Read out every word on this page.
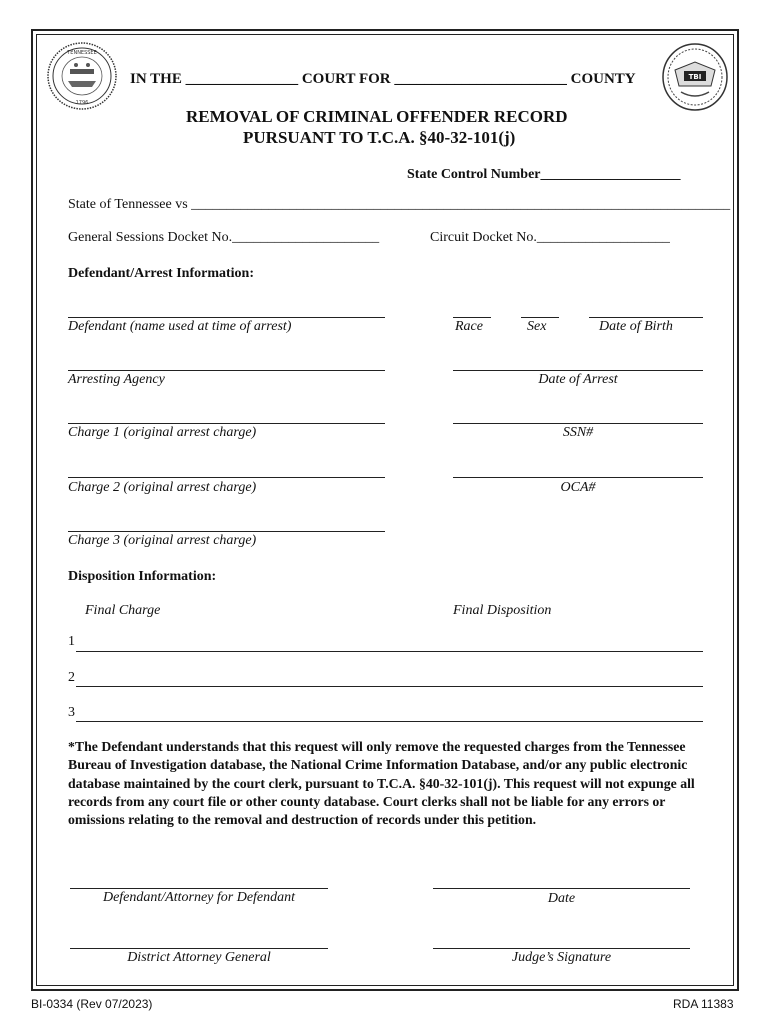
TENNESSEE
1796
TBI
IN THE _______________ COURT FOR _______________________ COUNTY
REMOVAL OF CRIMINAL OFFENDER RECORD
PURSUANT TO T.C.A. §40-32-101(j)
State Control Number____________________
State of Tennessee vs _____________________________________________________________________________
General Sessions Docket No._____________________	Circuit Docket No.___________________
Defendant/Arrest Information:
Defendant (name used at time of arrest)	Race	Sex	Date of Birth
Arresting Agency	Date of Arrest
Charge 1 (original arrest charge)	SSN#
Charge 2 (original arrest charge)	OCA#
Charge 3 (original arrest charge)
Disposition Information:
Final Charge	Final Disposition
1
2
3
*The Defendant understands that this request will only remove the requested charges from the Tennessee Bureau of Investigation database, the National Crime Information Database, and/or any public electronic database maintained by the court clerk, pursuant to T.C.A. §40-32-101(j). This request will not expunge all records from any court file or other county database. Court clerks shall not be liable for any errors or omissions relating to the removal and destruction of records under this petition.
Defendant/Attorney for Defendant	Date
District Attorney General	Judge’s Signature
BI-0334 (Rev 07/2023)	RDA 11383
